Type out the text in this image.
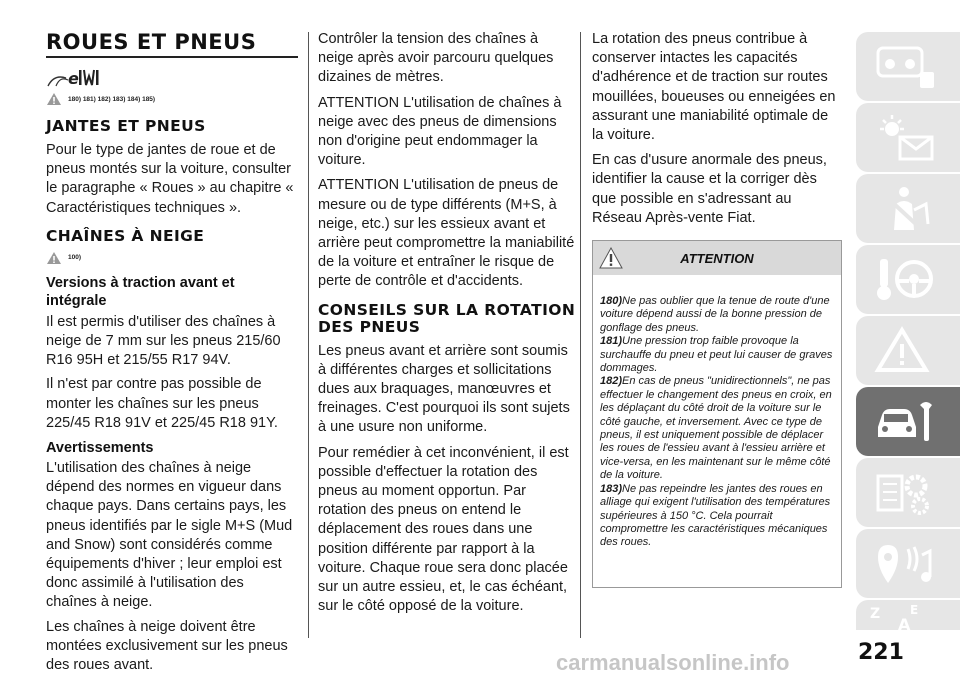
ROUES ET PNEUS
e
180) 181) 182) 183) 184) 185)
JANTES ET PNEUS

Pour le type de jantes de roue et de pneus montés sur la voiture, consulter le paragraphe « Roues » au chapitre « Caractéristiques techniques ».

CHAÎNES À NEIGE
100)
Versions à traction avant et intégrale

Il est permis d'utiliser des chaînes à neige de 7 mm sur les pneus 215/60 R16 95H et 215/55 R17 94V.

Il n'est par contre pas possible de monter les chaînes sur les pneus 225/45 R18 91V et 225/45 R18 91Y.

Avertissements

L'utilisation des chaînes à neige dépend des normes en vigueur dans chaque pays. Dans certains pays, les pneus identifiés par le sigle M+S (Mud and Snow) sont considérés comme équipements d'hiver ; leur emploi est donc assimilé à l'utilisation des chaînes à neige.

Les chaînes à neige doivent être montées exclusivement sur les pneus des roues avant.

Contrôler la tension des chaînes à neige après avoir parcouru quelques dizaines de mètres.

ATTENTION L'utilisation de chaînes à neige avec des pneus de dimensions non d'origine peut endommager la voiture.

ATTENTION L'utilisation de pneus de mesure ou de type différents (M+S, à neige, etc.) sur les essieux avant et arrière peut compromettre la maniabilité de la voiture et entraîner le risque de perte de contrôle et d'accidents.

CONSEILS SUR LA ROTATION DES PNEUS

Les pneus avant et arrière sont soumis à différentes charges et sollicitations dues aux braquages, manœuvres et freinages. C'est pourquoi ils sont sujets à une usure non uniforme.

Pour remédier à cet inconvénient, il est possible d'effectuer la rotation des pneus au moment opportun. Par rotation des pneus on entend le déplacement des roues dans une position différente par rapport à la voiture. Chaque roue sera donc placée sur un autre essieu, et, le cas échéant, sur le côté opposé de la voiture.

La rotation des pneus contribue à conserver intactes les capacités d'adhérence et de traction sur routes mouillées, boueuses ou enneigées en assurant une maniabilité optimale de la voiture.

En cas d'usure anormale des pneus, identifier la cause et la corriger dès que possible en s'adressant au Réseau Après-vente Fiat.

ATTENTION

180)Ne pas oublier que la tenue de route d'une voiture dépend aussi de la bonne pression de gonflage des pneus.

181)Une pression trop faible provoque la surchauffe du pneu et peut lui causer de graves dommages.

182)En cas de pneus "unidirectionnels", ne pas effectuer le changement des pneus en croix, en les déplaçant du côté droit de la voiture sur le côté gauche, et inversement. Avec ce type de pneus, il est uniquement possible de déplacer les roues de l'essieu avant à l'essieu arrière et vice-versa, en les maintenant sur le même côté de la voiture.

183)Ne pas repeindre les jantes des roues en alliage qui exigent l'utilisation des températures supérieures à 150 °C. Cela pourrait compromettre les caractéristiques mécaniques des roues.

Z E
A
carmanualsonline.info	221
